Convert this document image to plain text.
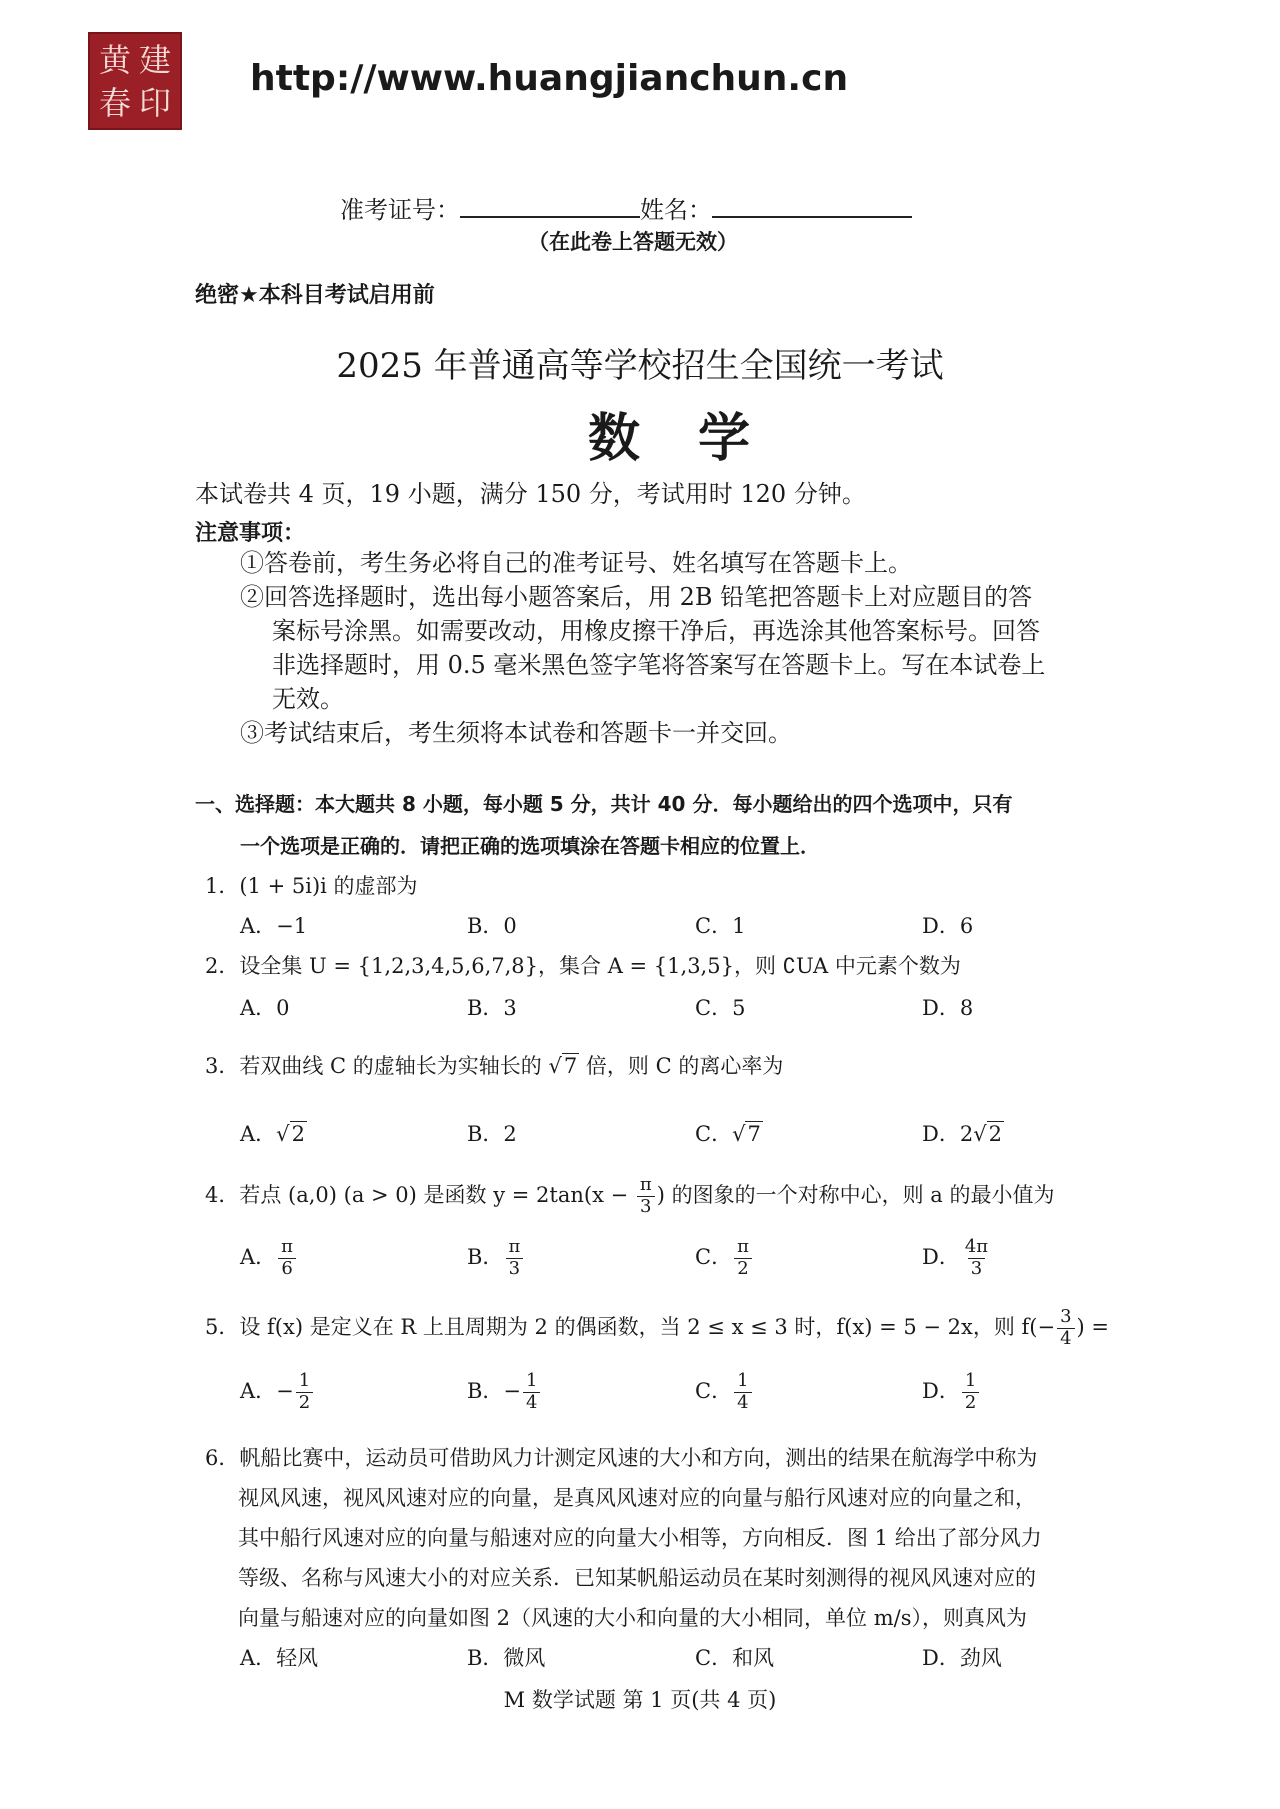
黄 建
春 印
http://www.huangjianchun.cn
准考证号：	姓名：
（在此卷上答题无效）
绝密★本科目考试启用前
2025 年普通高等学校招生全国统一考试
数学
本试卷共 4 页，19 小题，满分 150 分，考试用时 120 分钟。
注意事项：
①答卷前，考生务必将自己的准考证号、姓名填写在答题卡上。
②回答选择题时，选出每小题答案后，用 2B 铅笔把答题卡上对应题目的答
案标号涂黑。如需要改动，用橡皮擦干净后，再选涂其他答案标号。回答
非选择题时，用 0.5 毫米黑色签字笔将答案写在答题卡上。写在本试卷上
无效。
③考试结束后，考生须将本试卷和答题卡一并交回。
一、选择题：本大题共 8 小题，每小题 5 分，共计 40 分．每小题给出的四个选项中，只有
一个选项是正确的．请把正确的选项填涂在答题卡相应的位置上．
1．(1 + 5i)i 的虚部为
A．−1	B．0	C．1	D．6
2．设全集 U = {1,2,3,4,5,6,7,8}，集合 A = {1,3,5}，则 ∁UA 中元素个数为
A．0	B．3	C．5	D．8
3．若双曲线 C 的虚轴长为实轴长的 √7 倍，则 C 的离心率为
A．√2	B．2	C．√7	D．2√2
4．若点 (a,0) (a > 0) 是函数 $y = 2\tan(x - \frac{\pi}{3}$ ) 的图象的一个对称中心，则 a 的最小值为
A． $\frac{\pi}{6}$	B． $\frac{\pi}{3}$	C． $\frac{\pi}{2}$	D． $\frac{4\pi}{3}$
5．设 f(x) 是定义在 R 上且周期为 2 的偶函数，当 2 ≤ x ≤ 3 时，f(x) = 5 − 2x，则 $f(- \frac{3}{4}$ ) =
A．− $\frac{1}{2}$	B．− $\frac{1}{4}$	C． $\frac{1}{4}$	D． $\frac{1}{2}$
6．帆船比赛中，运动员可借助风力计测定风速的大小和方向，测出的结果在航海学中称为
视风风速，视风风速对应的向量，是真风风速对应的向量与船行风速对应的向量之和，
其中船行风速对应的向量与船速对应的向量大小相等，方向相反．图 1 给出了部分风力
等级、名称与风速大小的对应关系．已知某帆船运动员在某时刻测得的视风风速对应的
向量与船速对应的向量如图 2（风速的大小和向量的大小相同，单位 m/s），则真风为
A．轻风	B．微风	C．和风	D．劲风
M 数学试题 第 1 页(共 4 页)
